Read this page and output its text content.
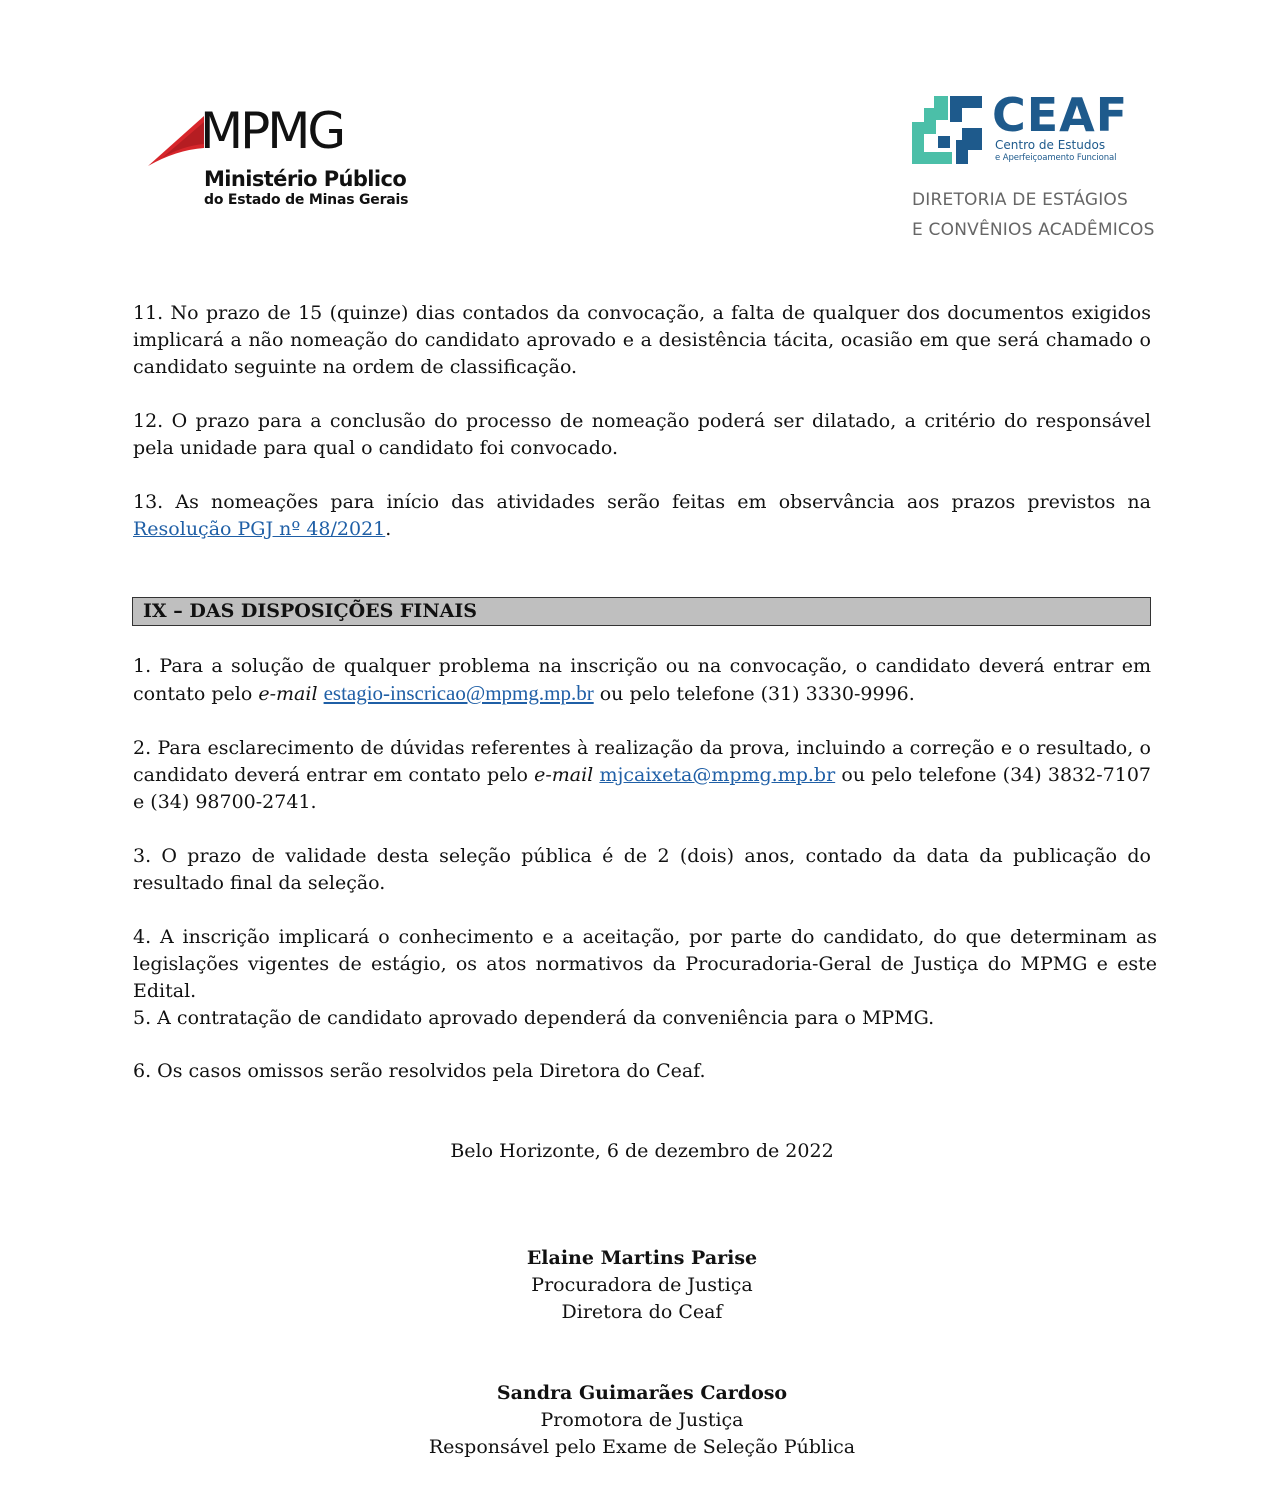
MPMG
Ministério Público
do Estado de Minas Gerais
CEAF
Centro de Estudos
e Aperfeiçoamento Funcional
DIRETORIA DE ESTÁGIOS
E CONVÊNIOS ACADÊMICOS

11. No prazo de 15 (quinze) dias contados da convocação, a falta de qualquer dos documentos exigidos implicará a não nomeação do candidato aprovado e a desistência tácita, ocasião em que será chamado o candidato seguinte na ordem de classificação.

12. O prazo para a conclusão do processo de nomeação poderá ser dilatado, a critério do responsável pela unidade para qual o candidato foi convocado.

13. As nomeações para início das atividades serão feitas em observância aos prazos previstos na Resolução PGJ nº 48/2021.

IX – DAS DISPOSIÇÕES FINAIS

1. Para a solução de qualquer problema na inscrição ou na convocação, o candidato deverá entrar em contato pelo e-mail estagio-inscricao@mpmg.mp.br ou pelo telefone (31) 3330-9996.

2. Para esclarecimento de dúvidas referentes à realização da prova, incluindo a correção e o resultado, o candidato deverá entrar em contato pelo e-mail mjcaixeta@mpmg.mp.br ou pelo telefone (34) 3832-7107 e (34) 98700-2741.

3. O prazo de validade desta seleção pública é de 2 (dois) anos, contado da data da publicação do resultado final da seleção.

4. A inscrição implicará o conhecimento e a aceitação, por parte do candidato, do que determinam as legislações vigentes de estágio, os atos normativos da Procuradoria-Geral de Justiça do MPMG e este Edital.

5. A contratação de candidato aprovado dependerá da conveniência para o MPMG.

6. Os casos omissos serão resolvidos pela Diretora do Ceaf.

Belo Horizonte, 6 de dezembro de 2022
Elaine Martins Parise
Procuradora de Justiça
Diretora do Ceaf
Sandra Guimarães Cardoso
Promotora de Justiça
Responsável pelo Exame de Seleção Pública
